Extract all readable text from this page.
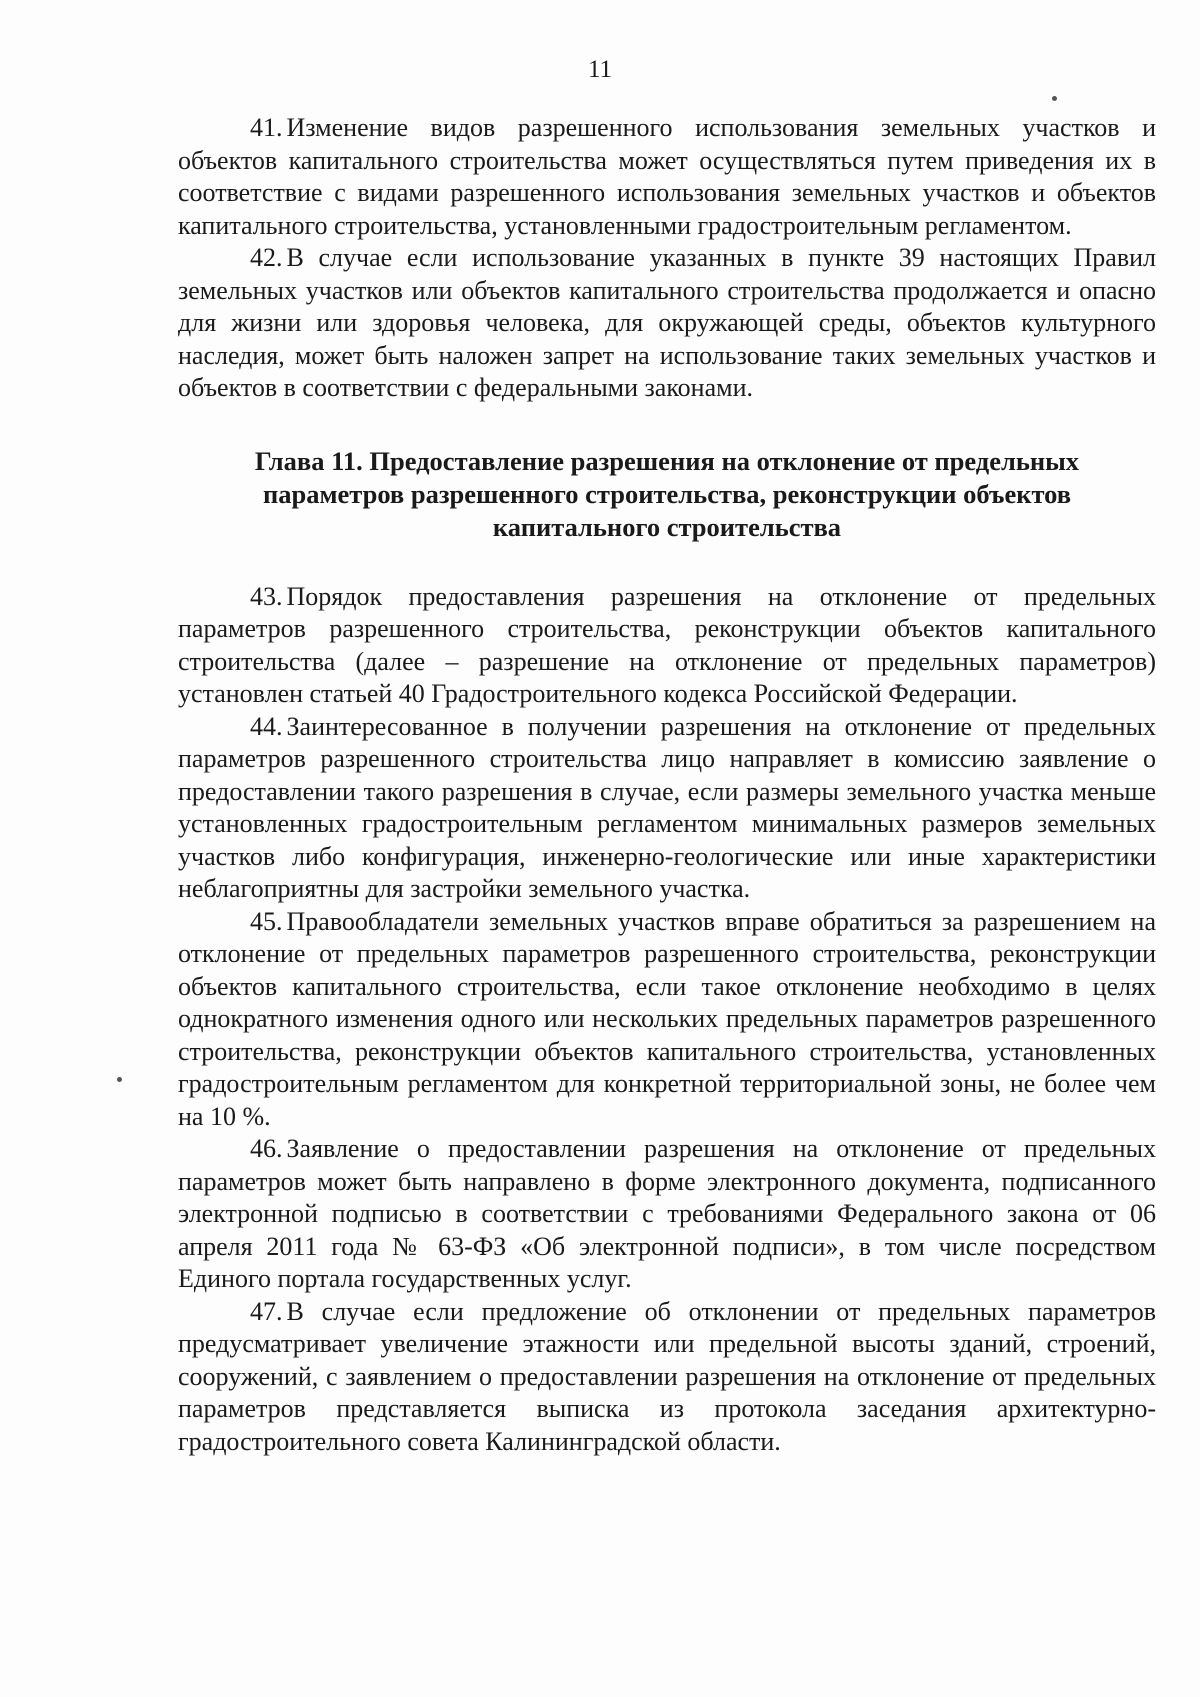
11

41. Изменение видов разрешенного использования земельных участков и объектов капитального строительства может осуществляться путем приведения их в соответствие с видами разрешенного использования земельных участков и объектов капитального строительства, установленными градостроительным регламентом.

42. В случае если использование указанных в пункте 39 настоящих Правил земельных участков или объектов капитального строительства продолжается и опасно для жизни или здоровья человека, для окружающей среды, объектов культурного наследия, может быть наложен запрет на использование таких земельных участков и объектов в соответствии с федеральными законами.

Глава 11. Предоставление разрешения на отклонение от предельных параметров разрешенного строительства, реконструкции объектов капитального строительства

43. Порядок предоставления разрешения на отклонение от предельных параметров разрешенного строительства, реконструкции объектов капитального строительства (далее – разрешение на отклонение от предельных параметров) установлен статьей 40 Градостроительного кодекса Российской Федерации.

44. Заинтересованное в получении разрешения на отклонение от предельных параметров разрешенного строительства лицо направляет в комиссию заявление о предоставлении такого разрешения в случае, если размеры земельного участка меньше установленных градостроительным регламентом минимальных размеров земельных участков либо конфигурация, инженерно-геологические или иные характеристики неблагоприятны для застройки земельного участка.

45. Правообладатели земельных участков вправе обратиться за разрешением на отклонение от предельных параметров разрешенного строительства, реконструкции объектов капитального строительства, если такое отклонение необходимо в целях однократного изменения одного или нескольких предельных параметров разрешенного строительства, реконструкции объектов капитального строительства, установленных градостроительным регламентом для конкретной территориальной зоны, не более чем на 10 %.

46. Заявление о предоставлении разрешения на отклонение от предельных параметров может быть направлено в форме электронного документа, подписанного электронной подписью в соответствии с требованиями Федерального закона от 06 апреля 2011 года № 63-ФЗ «Об электронной подписи», в том числе посредством Единого портала государственных услуг.

47. В случае если предложение об отклонении от предельных параметров предусматривает увеличение этажности или предельной высоты зданий, строений, сооружений, с заявлением о предоставлении разрешения на отклонение от предельных параметров представляется выписка из протокола заседания архитектурно-градостроительного совета Калининградской области.
